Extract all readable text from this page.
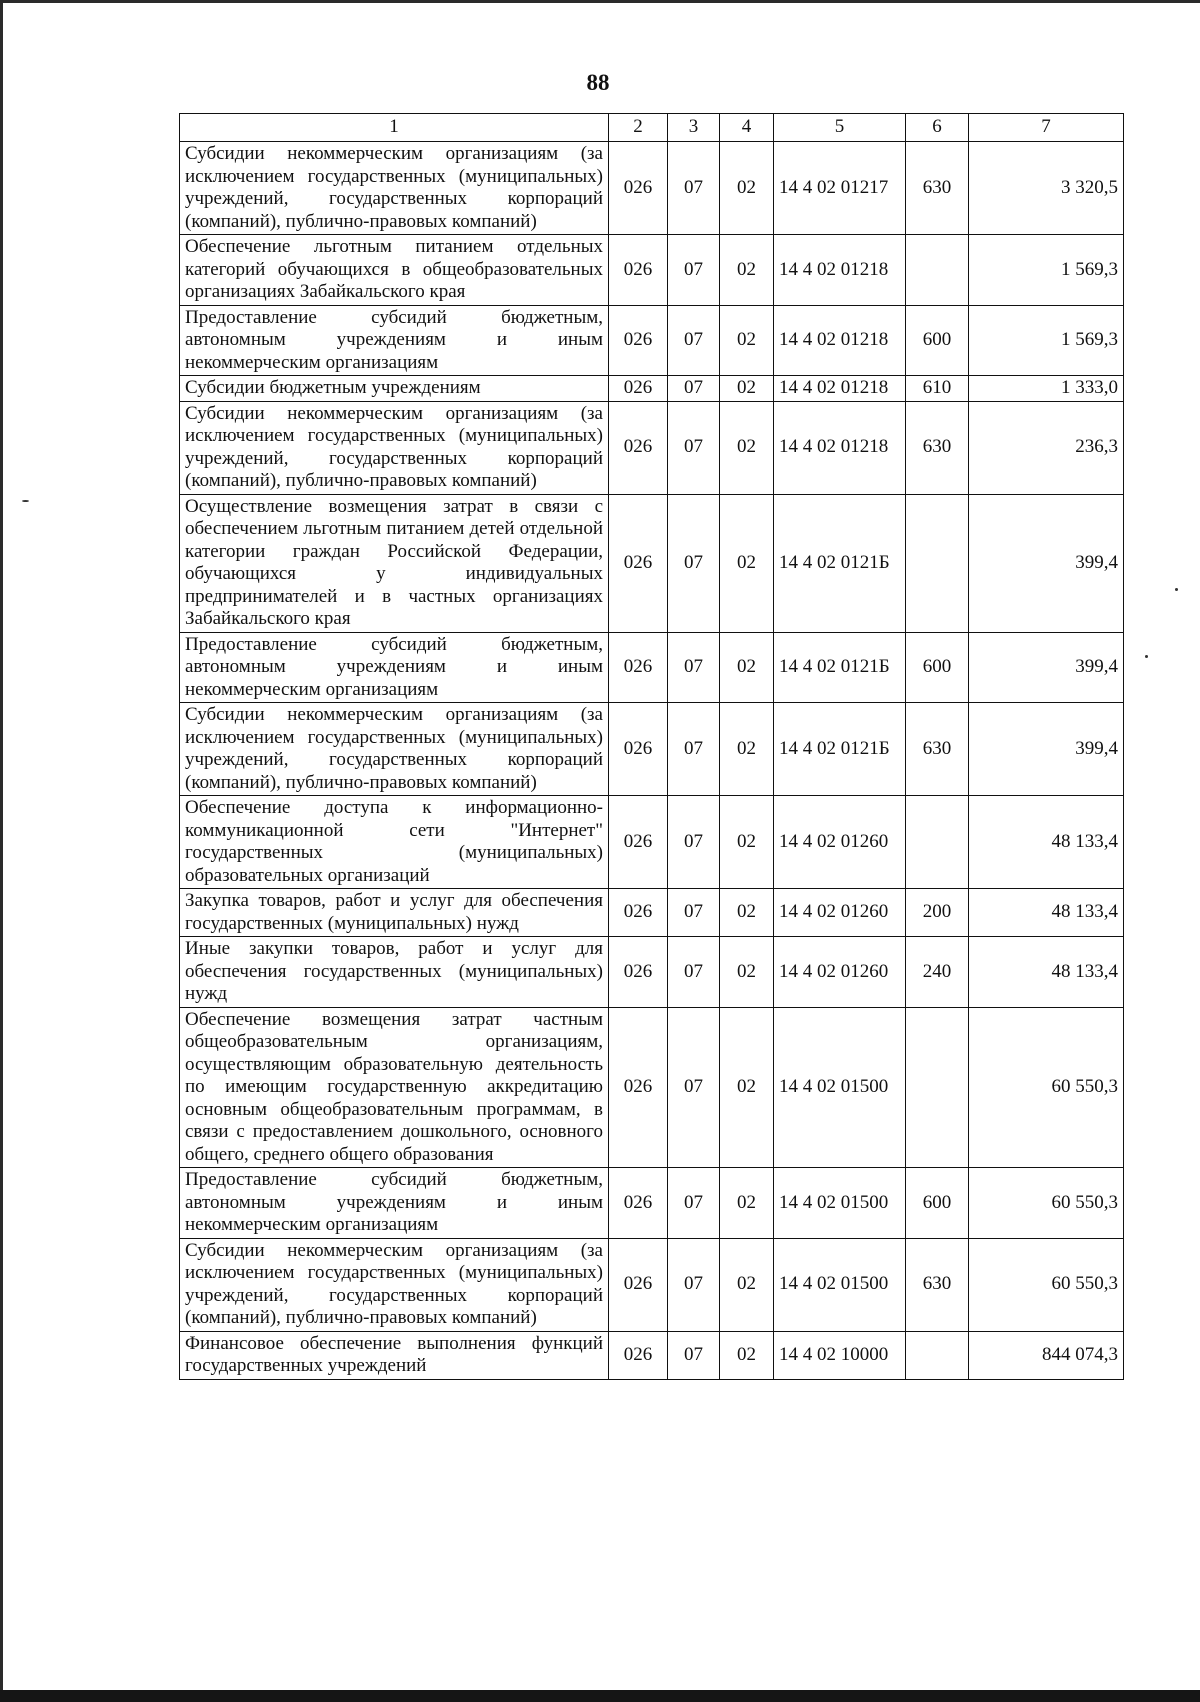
88
1	2	3	4	5	6	7
Субсидии некоммерческим организациям (за исключением государственных (муниципальных) учреждений, государственных корпораций (компаний), публично-правовых компаний)	026	07	02	14 4 02 01217	630	3 320,5
Обеспечение льготным питанием отдельных категорий обучающихся в общеобразовательных организациях Забайкальского края	026	07	02	14 4 02 01218		1 569,3
Предоставление субсидий бюджетным, автономным учреждениям и иным некоммерческим организациям	026	07	02	14 4 02 01218	600	1 569,3
Субсидии бюджетным учреждениям	026	07	02	14 4 02 01218	610	1 333,0
Субсидии некоммерческим организациям (за исключением государственных (муниципальных) учреждений, государственных корпораций (компаний), публично-правовых компаний)	026	07	02	14 4 02 01218	630	236,3
Осуществление возмещения затрат в связи с обеспечением льготным питанием детей отдельной категории граждан Российской Федерации, обучающихся у индивидуальных предпринимателей и в частных организациях Забайкальского края	026	07	02	14 4 02 0121Б		399,4
Предоставление субсидий бюджетным, автономным учреждениям и иным некоммерческим организациям	026	07	02	14 4 02 0121Б	600	399,4
Субсидии некоммерческим организациям (за исключением государственных (муниципальных) учреждений, государственных корпораций (компаний), публично-правовых компаний)	026	07	02	14 4 02 0121Б	630	399,4
Обеспечение доступа к информационно-коммуникационной сети "Интернет" государственных (муниципальных) образовательных организаций	026	07	02	14 4 02 01260		48 133,4
Закупка товаров, работ и услуг для обеспечения государственных (муниципальных) нужд	026	07	02	14 4 02 01260	200	48 133,4
Иные закупки товаров, работ и услуг для обеспечения государственных (муниципальных) нужд	026	07	02	14 4 02 01260	240	48 133,4
Обеспечение возмещения затрат частным общеобразовательным организациям, осуществляющим образовательную деятельность по имеющим государственную аккредитацию основным общеобразовательным программам, в связи с предоставлением дошкольного, основного общего, среднего общего образования	026	07	02	14 4 02 01500		60 550,3
Предоставление субсидий бюджетным, автономным учреждениям и иным некоммерческим организациям	026	07	02	14 4 02 01500	600	60 550,3
Субсидии некоммерческим организациям (за исключением государственных (муниципальных) учреждений, государственных корпораций (компаний), публично-правовых компаний)	026	07	02	14 4 02 01500	630	60 550,3
Финансовое обеспечение выполнения функций государственных учреждений	026	07	02	14 4 02 10000		844 074,3
